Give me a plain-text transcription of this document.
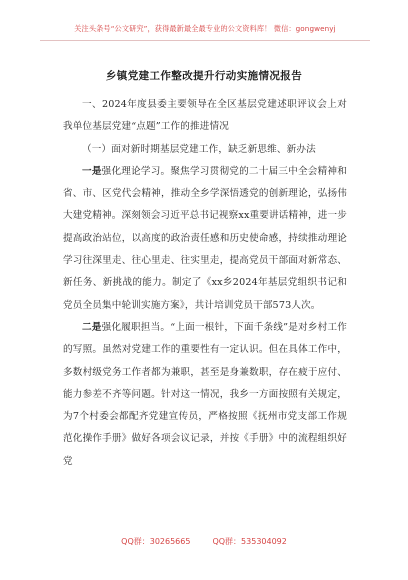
关注头条号“公文研究”，获得最新最全最专业的公文资料库！ 微信：gongwenyj
乡镇党建工作整改提升行动实施情况报告

一、2024年度县委主要领导在全区基层党建述职评议会上对我单位基层党建“点题”工作的推进情况

（一）面对新时期基层党建工作，缺乏新思维、新办法

一是强化理论学习。聚焦学习贯彻党的二十届三中全会精神和省、市、区党代会精神，推动全乡学深悟透党的创新理论，弘扬伟大建党精神。深刻领会习近平总书记视察xx重要讲话精神，进一步提高政治站位，以高度的政治责任感和历史使命感，持续推动理论学习往深里走、往心里走、往实里走，提高党员干部面对新常态、新任务、新挑战的能力。制定了《xx乡2024年基层党组织书记和党员全员集中轮训实施方案》，共计培训党员干部573人次。

二是强化履职担当。“上面一根针，下面千条线”是对乡村工作的写照。虽然对党建工作的重要性有一定认识。但在具体工作中，多数村级党务工作者都为兼职，甚至是身兼数职，存在疲于应付、能力参差不齐等问题。针对这一情况，我乡一方面按照有关规定，为7个村委会都配齐党建宣传员，严格按照《抚州市党支部工作规范化操作手册》做好各项会议记录，并按《手册》中的流程组织好党

QQ群：30265665	QQ群：535304092
